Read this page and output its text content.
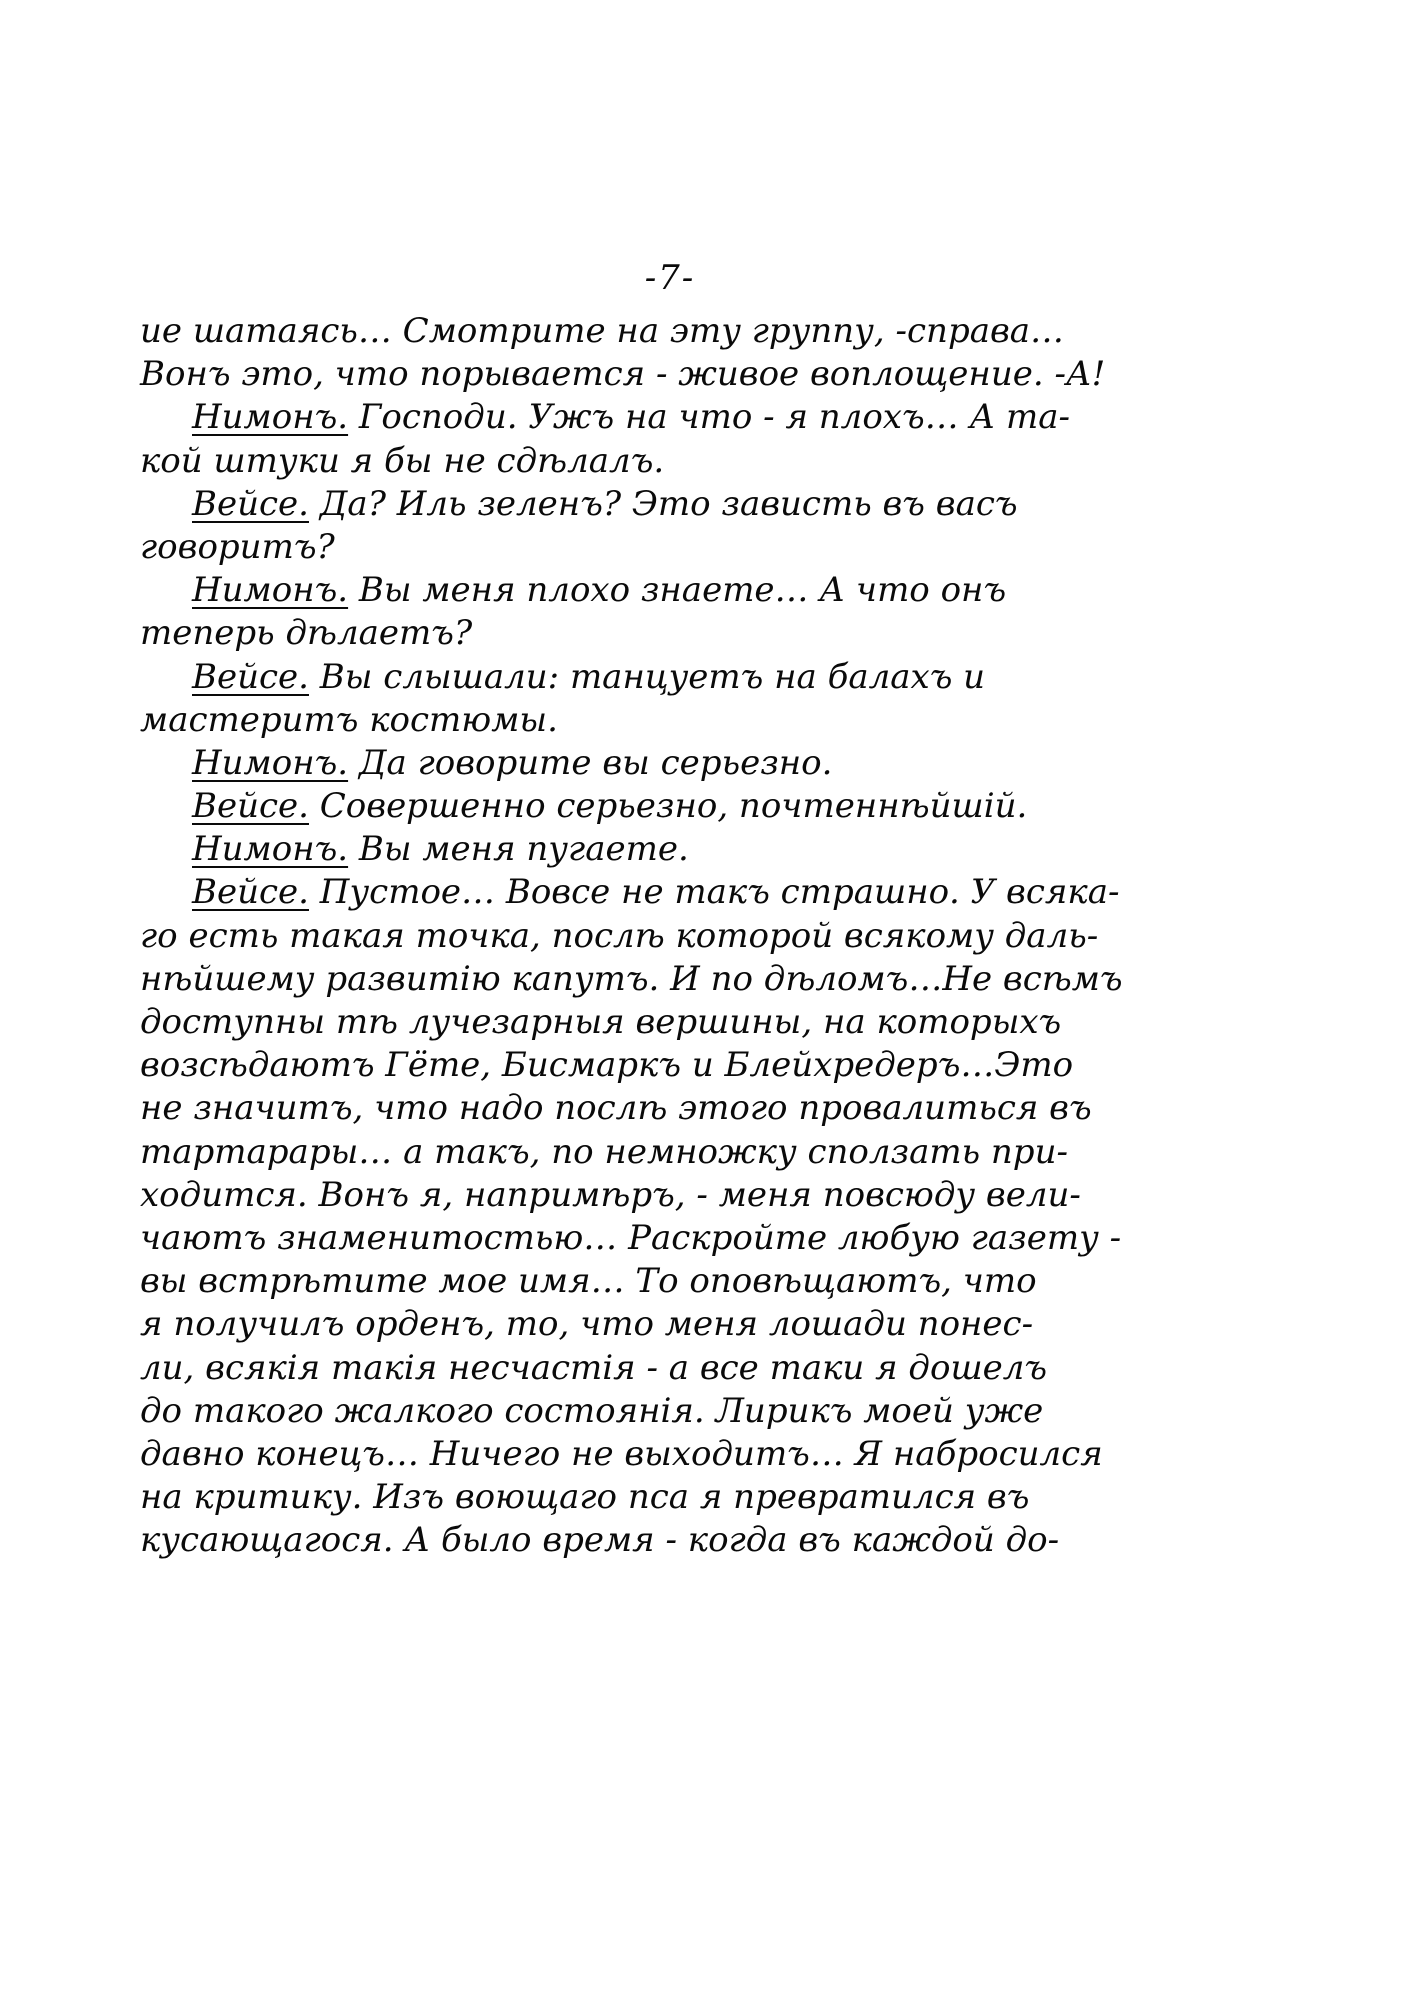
-7-
ие шатаясь… Смотрите на эту группу, -справа…
Вонъ это, что порывается - живое воплощение. -А!
Нимонъ. Господи. Ужъ на что - я плохъ… А та-
кой штуки я бы не сдѣлалъ.
Вейсе. Да? Иль зеленъ? Это зависть въ васъ
говоритъ?
Нимонъ. Вы меня плохо знаете… А что онъ
теперь дѣлаетъ?
Вейсе. Вы слышали: танцуетъ на балахъ и
мастеритъ костюмы.
Нимонъ. Да говорите вы серьезно.
Вейсе. Совершенно серьезно, почтеннѣйшій.
Нимонъ. Вы меня пугаете.
Вейсе. Пустое… Вовсе не такъ страшно. У всяка-
го есть такая точка, послѣ которой всякому даль-
нѣйшему развитію капутъ. И по дѣломъ…Не всѣмъ
доступны тѣ лучезарныя вершины, на которыхъ
возсѣдаютъ Гёте, Бисмаркъ и Блейхредеръ…Это
не значитъ, что надо послѣ этого провалиться въ
тартарары… а такъ, по немножку сползать при-
ходится. Вонъ я, напримѣръ, - меня повсюду вели-
чаютъ знаменитостью… Раскройте любую газету -
вы встрѣтите мое имя… То оповѣщаютъ, что
я получилъ орденъ, то, что меня лошади понес-
ли, всякія такія несчастія - а все таки я дошелъ
до такого жалкого состоянія. Лирикъ моей уже
давно конецъ… Ничего не выходитъ… Я набросился
на критику. Изъ воющаго пса я превратился въ
кусающагося. А было время - когда въ каждой до-
